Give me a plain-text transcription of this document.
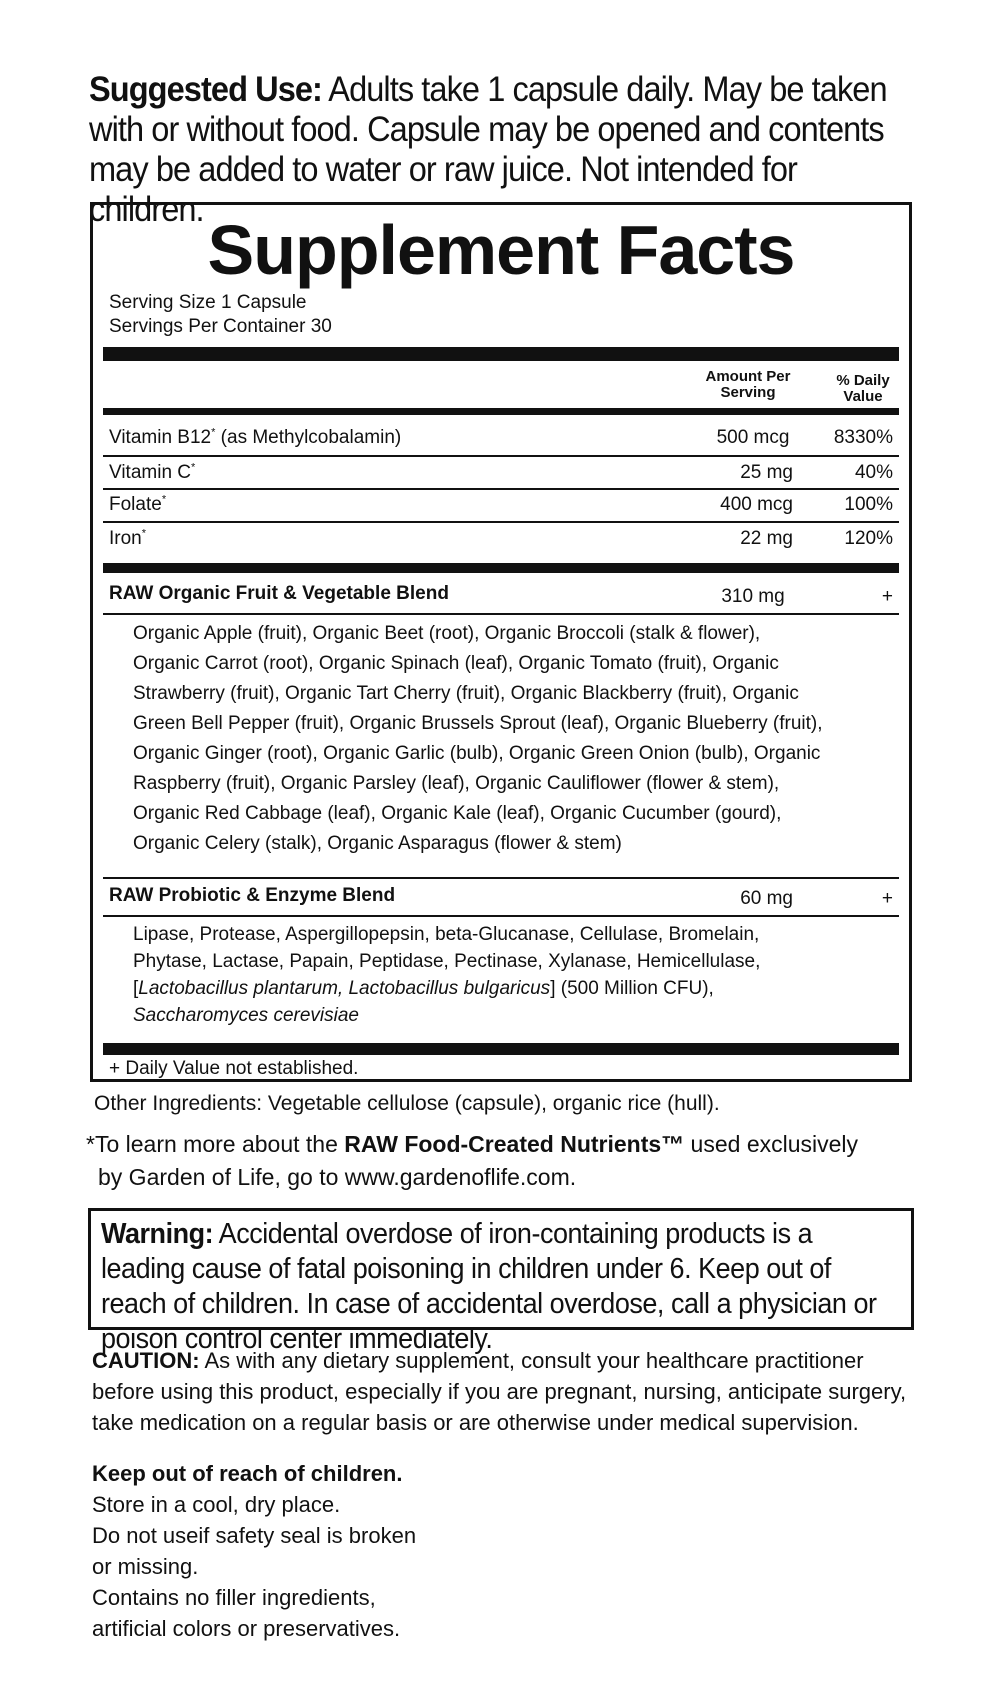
Suggested Use: Adults take 1 capsule daily. May be taken with or without food. Capsule may be opened and contents may be added to water or raw juice. Not intended for children.
Supplement Facts
Serving Size 1 Capsule
Servings Per Container 30
Amount Per
Serving
% Daily
Value
Vitamin B12* (as Methylcobalamin)	500 mcg	8330%
Vitamin C*	25 mg	40%
Folate*	400 mcg	100%
Iron*	22 mg	120%
RAW Organic Fruit & Vegetable Blend	310 mg	+
Organic Apple (fruit), Organic Beet (root), Organic Broccoli (stalk & flower),
Organic Carrot (root), Organic Spinach (leaf), Organic Tomato (fruit), Organic
Strawberry (fruit), Organic Tart Cherry (fruit), Organic Blackberry (fruit), Organic
Green Bell Pepper (fruit), Organic Brussels Sprout (leaf), Organic Blueberry (fruit),
Organic Ginger (root), Organic Garlic (bulb), Organic Green Onion (bulb), Organic
Raspberry (fruit), Organic Parsley (leaf), Organic Cauliflower (flower & stem),
Organic Red Cabbage (leaf), Organic Kale (leaf), Organic Cucumber (gourd),
Organic Celery (stalk), Organic Asparagus (flower & stem)
RAW Probiotic & Enzyme Blend	60 mg	+
Lipase, Protease, Aspergillopepsin, beta-Glucanase, Cellulase, Bromelain,
Phytase, Lactase, Papain, Peptidase, Pectinase, Xylanase, Hemicellulase,
[Lactobacillus plantarum, Lactobacillus bulgaricus] (500 Million CFU),
Saccharomyces cerevisiae
+ Daily Value not established.
Other Ingredients: Vegetable cellulose (capsule), organic rice (hull).
*To learn more about the RAW Food-Created Nutrients™ used exclusively
by Garden of Life, go to www.gardenoflife.com.
Warning: Accidental overdose of iron-containing products is a leading cause of fatal poisoning in children under 6. Keep out of reach of children. In case of accidental overdose, call a physician or poison control center immediately.
CAUTION: As with any dietary supplement, consult your healthcare practitioner before using this product, especially if you are pregnant, nursing, anticipate surgery, take medication on a regular basis or are otherwise under medical supervision.
Keep out of reach of children.
Store in a cool, dry place.
Do not useif safety seal is broken
or missing.
Contains no filler ingredients,
artificial colors or preservatives.
